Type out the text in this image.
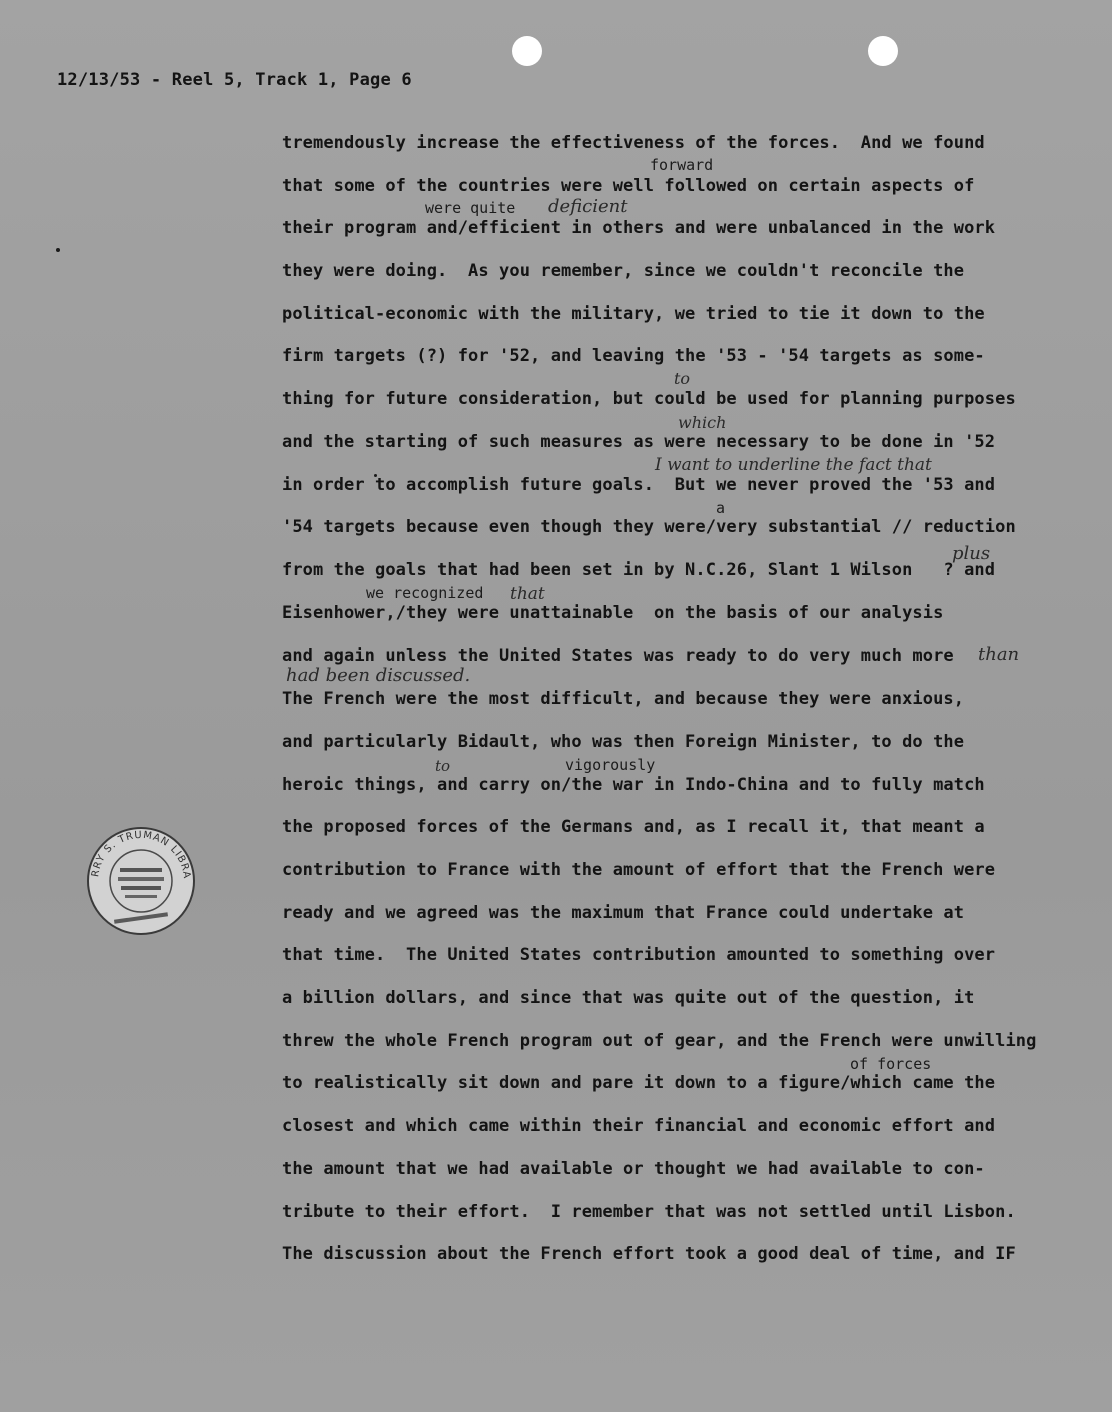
12/13/53 - Reel 5, Track 1, Page 6
tremendously increase the effectiveness of the forces.  And we found
that some of the countries were well followed on certain aspects of
their program and/efficient in others and were unbalanced in the work
they were doing.  As you remember, since we couldn't reconcile the
political-economic with the military, we tried to tie it down to the
firm targets (?) for '52, and leaving the '53 - '54 targets as some-
thing for future consideration, but could be used for planning purposes
and the starting of such measures as were necessary to be done in '52
in order to accomplish future goals.  But we never proved the '53 and
'54 targets because even though they were/very substantial // reduction
from the goals that had been set in by N.C.26, Slant 1 Wilson   ? and
Eisenhower,/they were unattainable  on the basis of our analysis
and again unless the United States was ready to do very much more
The French were the most difficult, and because they were anxious,
and particularly Bidault, who was then Foreign Minister, to do the
heroic things, and carry on/the war in Indo-China and to fully match
the proposed forces of the Germans and, as I recall it, that meant a
contribution to France with the amount of effort that the French were
ready and we agreed was the maximum that France could undertake at
that time.  The United States contribution amounted to something over
a billion dollars, and since that was quite out of the question, it
threw the whole French program out of gear, and the French were unwilling
to realistically sit down and pare it down to a figure/which came the
closest and which came within their financial and economic effort and
the amount that we had available or thought we had available to con-
tribute to their effort.  I remember that was not settled until Lisbon.
The discussion about the French effort took a good deal of time, and IF
forward
were quite
a
we recognized
vigorously
of forces
deficient
to
which
I want to underline the fact that
plus
that
than
had been discussed.
to
RRY S. TRUMAN LIBRA
